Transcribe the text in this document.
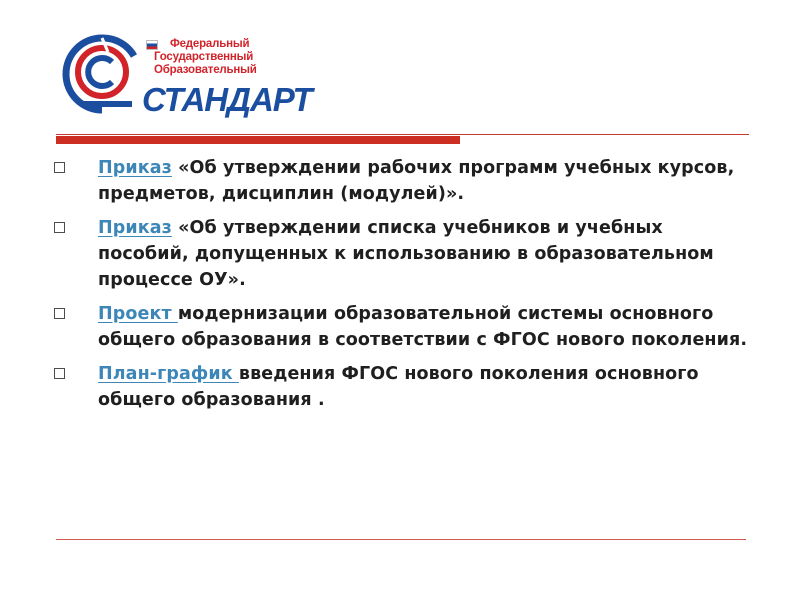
Федеральный
Государственный
Образовательный
СТАНДАРТ
Приказ «Об утверждении рабочих программ учебных курсов, предметов, дисциплин (модулей)».
Приказ «Об утверждении списка учебников и учебных пособий, допущенных к использованию в образовательном процессе ОУ».
Проект модернизации образовательной системы основного общего образования в соответствии с ФГОС нового поколения.
План-график введения ФГОС нового поколения основного общего образования .
